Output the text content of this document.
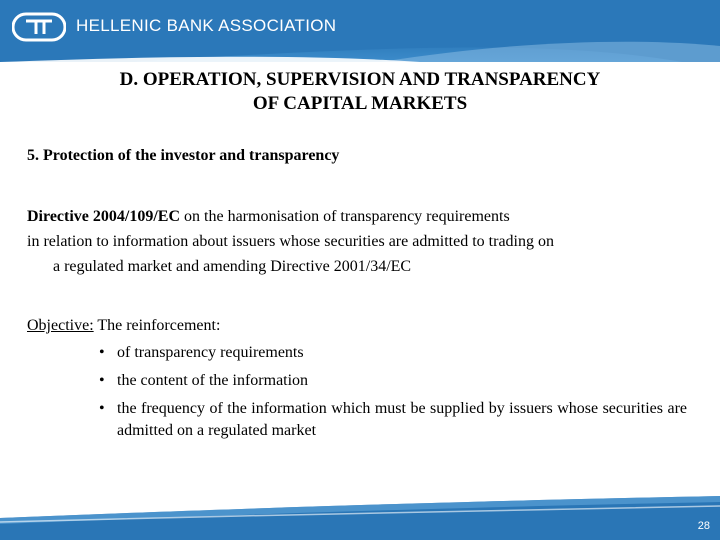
HELLENIC BANK ASSOCIATION
D. OPERATION, SUPERVISION AND TRANSPARENCY
OF CAPITAL MARKETS
5. Protection of the investor and transparency
Directive 2004/109/EC on the harmonisation of transparency requirements
in relation to information about issuers whose securities are admitted to trading on
a regulated market and amending Directive 2001/34/EC
Objective: The reinforcement:
• of transparency requirements
• the content of the information
• the frequency of the information which must be supplied by issuers whose securities are admitted on a regulated market
28
